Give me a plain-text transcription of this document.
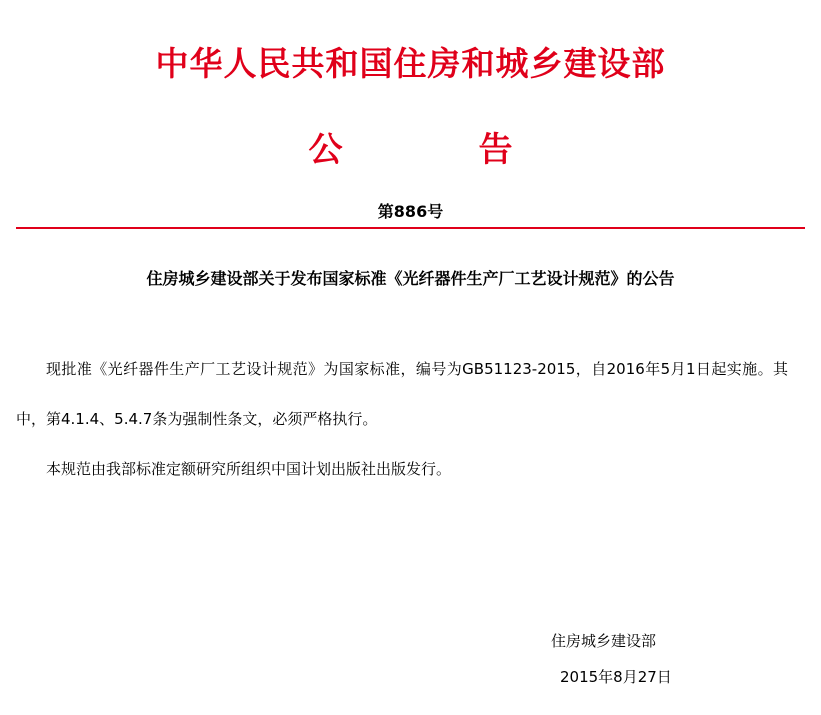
中华人民共和国住房和城乡建设部
公　　　　告
第886号
住房城乡建设部关于发布国家标准《光纤器件生产厂工艺设计规范》的公告

现批准《光纤器件生产厂工艺设计规范》为国家标准，编号为GB51123-2015，自2016年5月1日起实施。其中，第4.1.4、5.4.7条为强制性条文，必须严格执行。

本规范由我部标准定额研究所组织中国计划出版社出版发行。

住房城乡建设部
2015年8月27日
